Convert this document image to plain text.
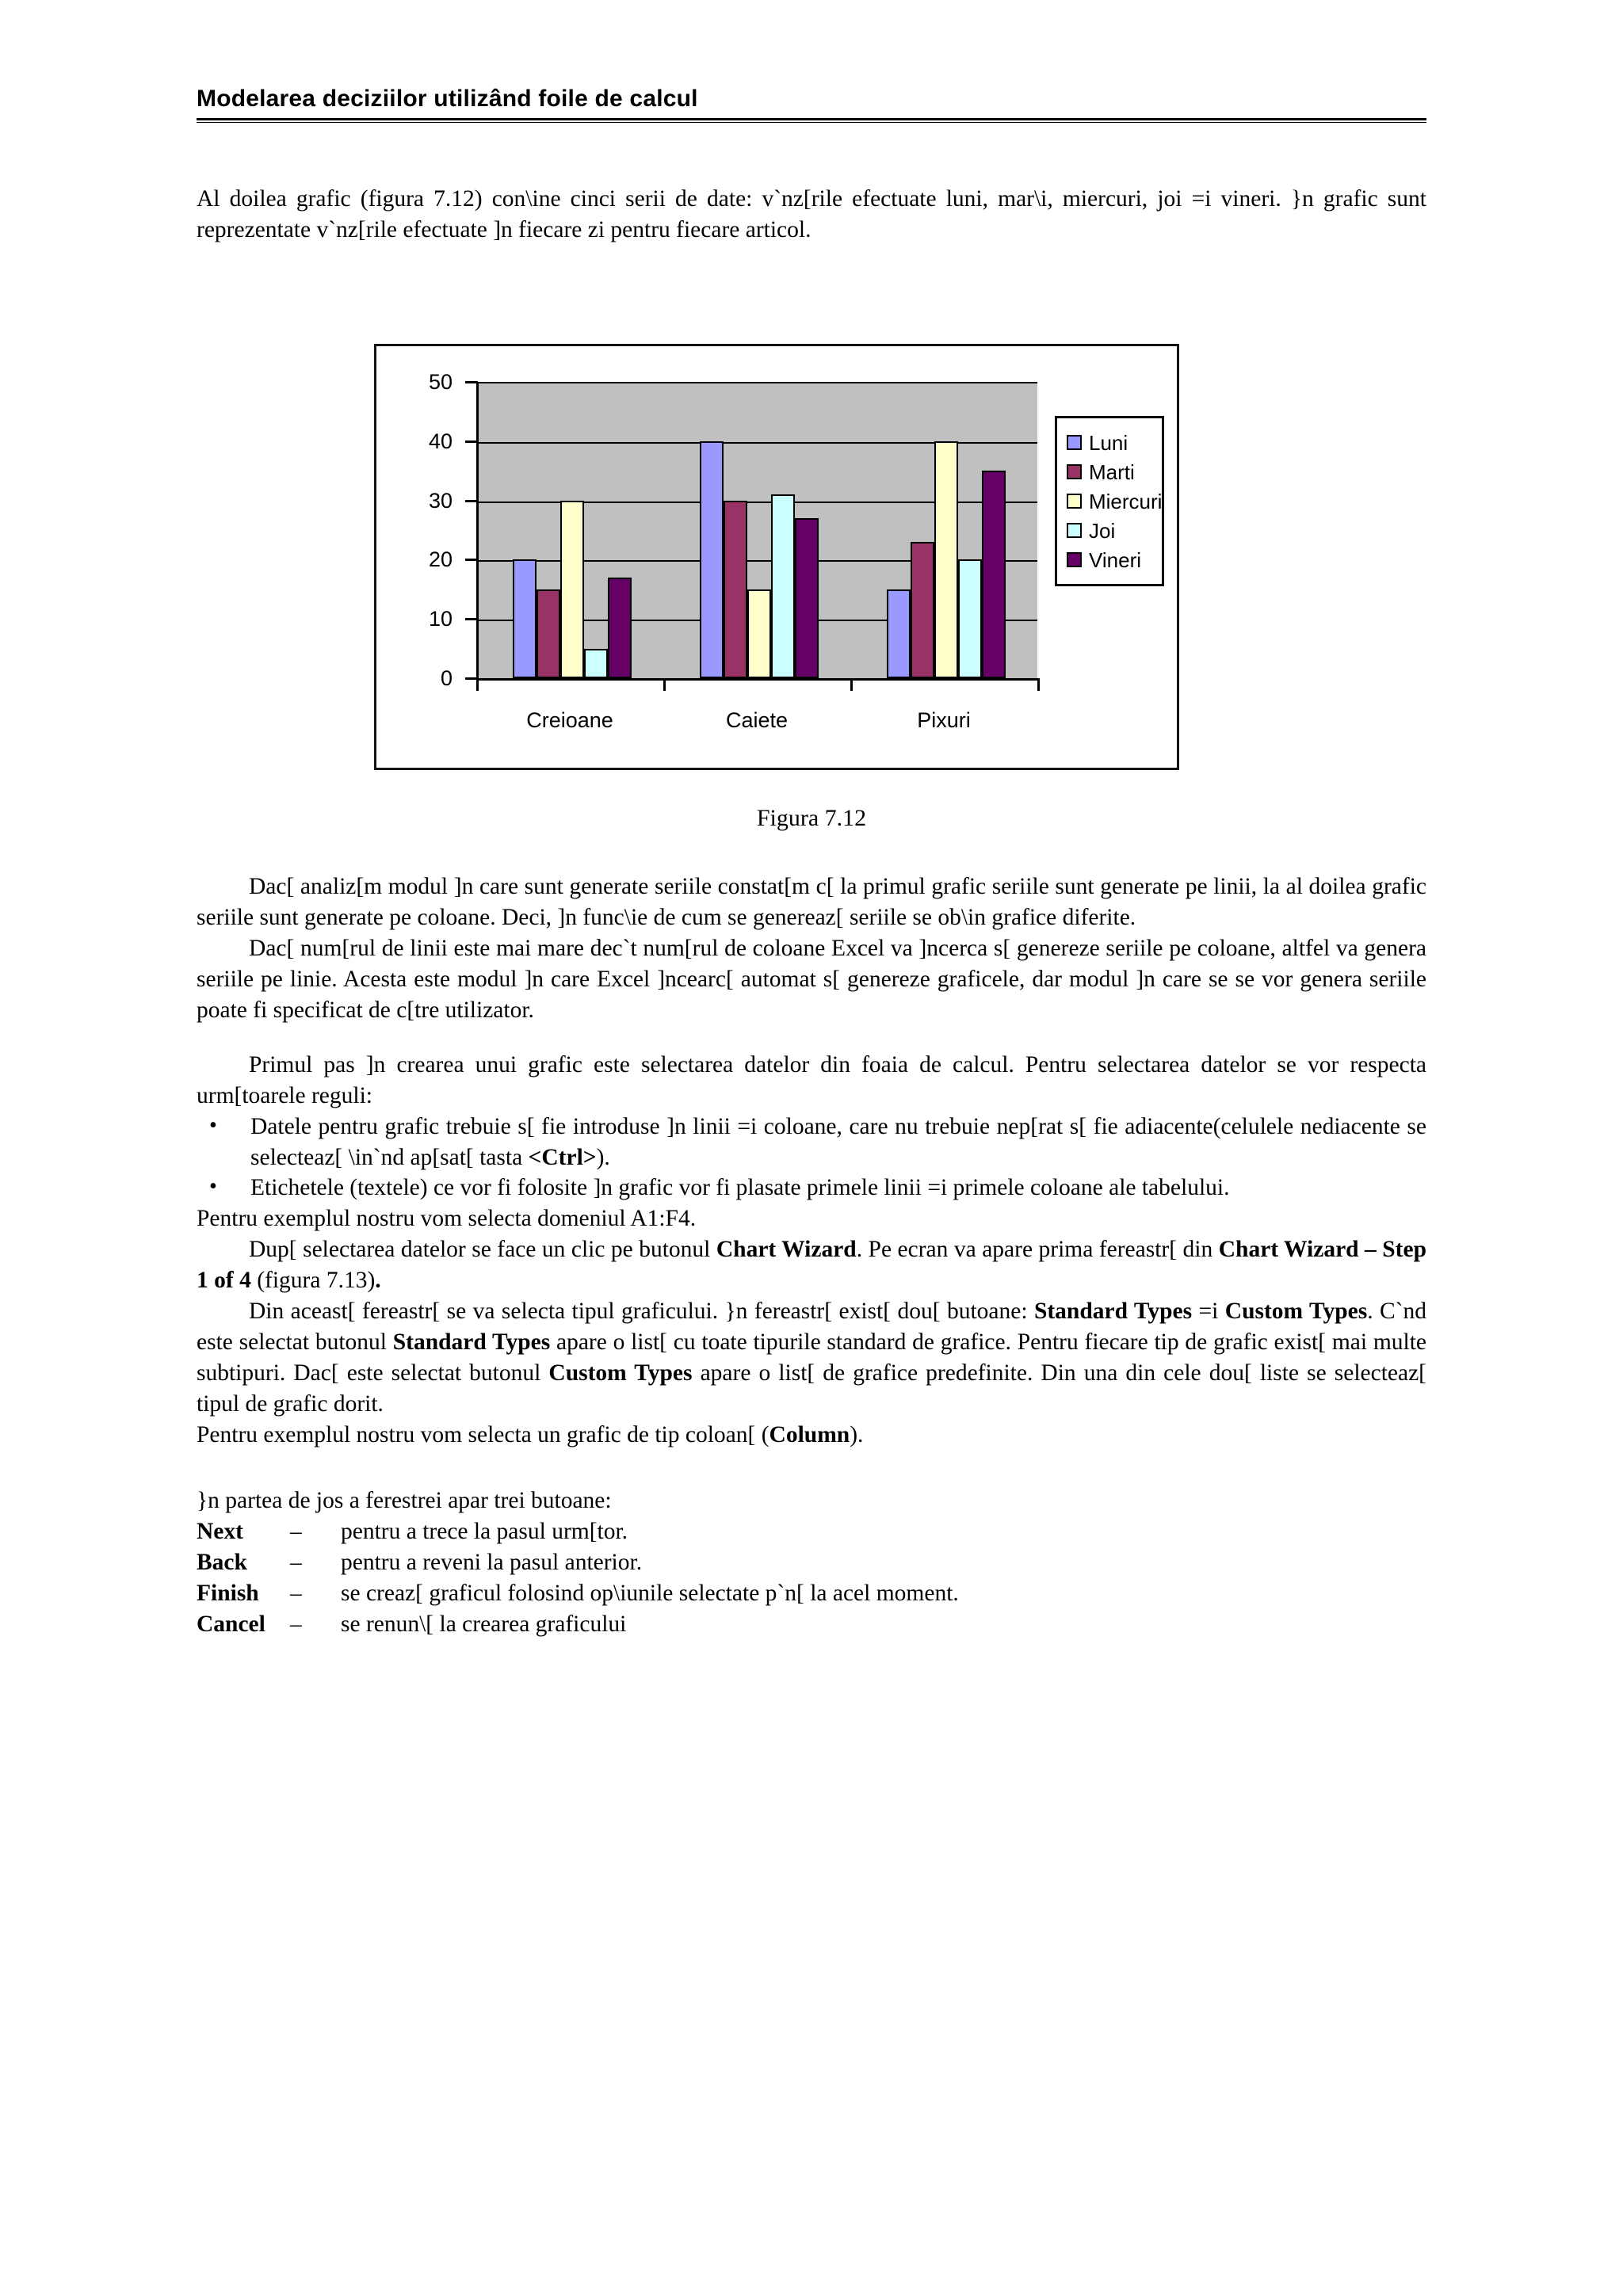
Modelarea deciziilor utilizând foile de calcul

Al doilea grafic (figura 7.12) con\ine cinci serii de date: v`nz[rile efectuate luni, mar\i, miercuri, joi =i vineri. }n grafic sunt reprezentate v`nz[rile efectuate ]n fiecare zi pentru fiecare articol.

0
10
20
30
40
50
Creioane	Caiete	Pixuri
Luni
Marti
Miercuri
Joi
Vineri
Figura 7.12

Dac[ analiz[m modul ]n care sunt generate seriile constat[m c[ la primul grafic seriile sunt generate pe linii, la al doilea grafic seriile sunt generate pe coloane. Deci, ]n func\ie de cum se genereaz[ seriile se ob\in grafice diferite.

Dac[ num[rul de linii este mai mare dec`t num[rul de coloane Excel va ]ncerca s[ genereze seriile pe coloane, altfel va genera seriile pe linie. Acesta este modul ]n care Excel ]ncearc[ automat s[ genereze graficele, dar modul ]n care se se vor genera seriile poate fi specificat de c[tre utilizator.

Primul pas ]n crearea unui grafic este selectarea datelor din foaia de calcul. Pentru selectarea datelor se vor respecta urm[toarele reguli:

• Datele pentru grafic trebuie s[ fie introduse ]n linii =i coloane, care nu trebuie nep[rat s[ fie adiacente(celulele nediacente se selecteaz[ \in`nd ap[sat[ tasta <Ctrl>).
• Etichetele (textele) ce vor fi folosite ]n grafic vor fi plasate primele linii =i primele coloane ale tabelului.

Pentru exemplul nostru vom selecta domeniul A1:F4.

Dup[ selectarea datelor se face un clic pe butonul Chart Wizard. Pe ecran va apare prima fereastr[ din Chart Wizard – Step 1 of 4 (figura 7.13).

Din aceast[ fereastr[ se va selecta tipul graficului. }n fereastr[ exist[ dou[ butoane: Standard Types =i Custom Types. C`nd este selectat butonul Standard Types apare o list[ cu toate tipurile standard de grafice. Pentru fiecare tip de grafic exist[ mai multe subtipuri. Dac[ este selectat butonul Custom Types apare o list[ de grafice predefinite. Din una din cele dou[ liste se selecteaz[ tipul de grafic dorit.

Pentru exemplul nostru vom selecta un grafic de tip coloan[ (Column).

}n partea de jos a ferestrei apar trei butoane:

Next	–	pentru a trece la pasul urm[tor.
Back	–	pentru a reveni la pasul anterior.
Finish	–	se creaz[ graficul folosind op\iunile selectate p`n[ la acel moment.
Cancel	–	se renun\[ la crearea graficului
